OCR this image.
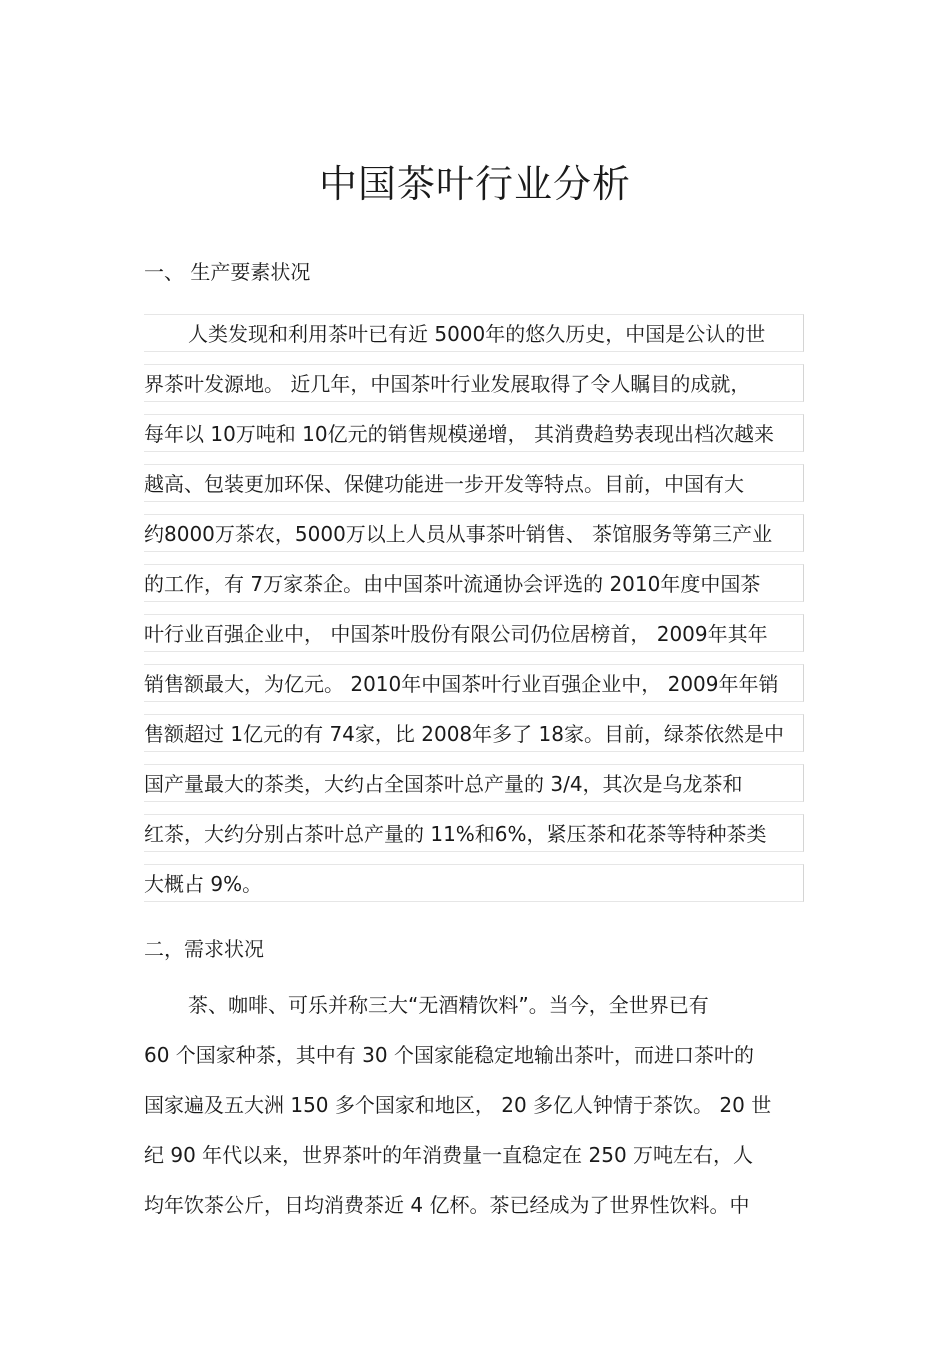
中国茶叶行业分析
一、 生产要素状况
人类发现和利用茶叶已有近 5000年的悠久历史，中国是公认的世
界茶叶发源地。 近几年，中国茶叶行业发展取得了令人瞩目的成就，
每年以 10万吨和 10亿元的销售规模递增， 其消费趋势表现出档次越来
越高、包装更加环保、保健功能进一步开发等特点。目前，中国有大
约8000万茶农，5000万以上人员从事茶叶销售、 茶馆服务等第三产业
的工作，有 7万家茶企。由中国茶叶流通协会评选的 2010年度中国茶
叶行业百强企业中， 中国茶叶股份有限公司仍位居榜首， 2009年其年
销售额最大，为亿元。 2010年中国茶叶行业百强企业中， 2009年年销
售额超过 1亿元的有 74家，比 2008年多了 18家。目前，绿茶依然是中
国产量最大的茶类，大约占全国茶叶总产量的 3/4，其次是乌龙茶和
红茶，大约分别占茶叶总产量的 11%和6%，紧压茶和花茶等特种茶类
大概占 9%。
二，需求状况
茶、咖啡、可乐并称三大“无酒精饮料”。当今，全世界已有
60 个国家种茶，其中有 30 个国家能稳定地输出茶叶，而进口茶叶的
国家遍及五大洲 150 多个国家和地区， 20 多亿人钟情于茶饮。 20 世
纪 90 年代以来，世界茶叶的年消费量一直稳定在 250 万吨左右，人
均年饮茶公斤，日均消费茶近 4 亿杯。茶已经成为了世界性饮料。中
